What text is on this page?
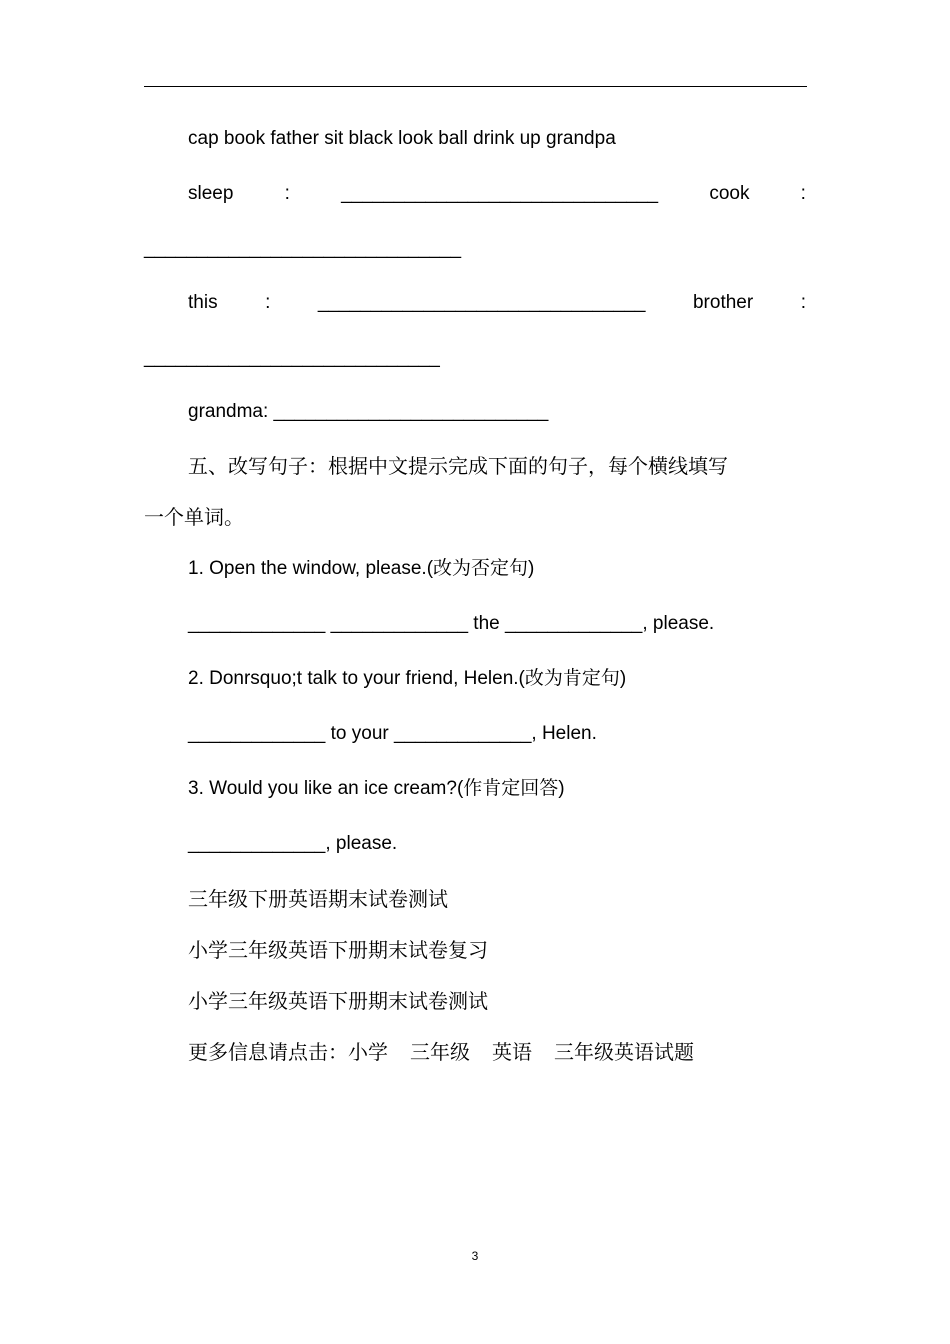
cap book father sit black look ball drink up grandpa
sleep	:	______________________________	cook	:
______________________________
this	:	_______________________________	brother	:
____________________________
grandma: __________________________
五、改写句子：根据中文提示完成下面的句子，每个横线填写
一个单词。
1. Open the window, please.(改为否定句)
_____________ _____________ the _____________, please.
2. Donrsquo;t talk to your friend, Helen.(改为肯定句)
_____________ to your _____________, Helen.
3. Would you like an ice cream?(作肯定回答)
_____________, please.
三年级下册英语期末试卷测试
小学三年级英语下册期末试卷复习
小学三年级英语下册期末试卷测试
更多信息请点击：小学 三年级 英语 三年级英语试题
3
